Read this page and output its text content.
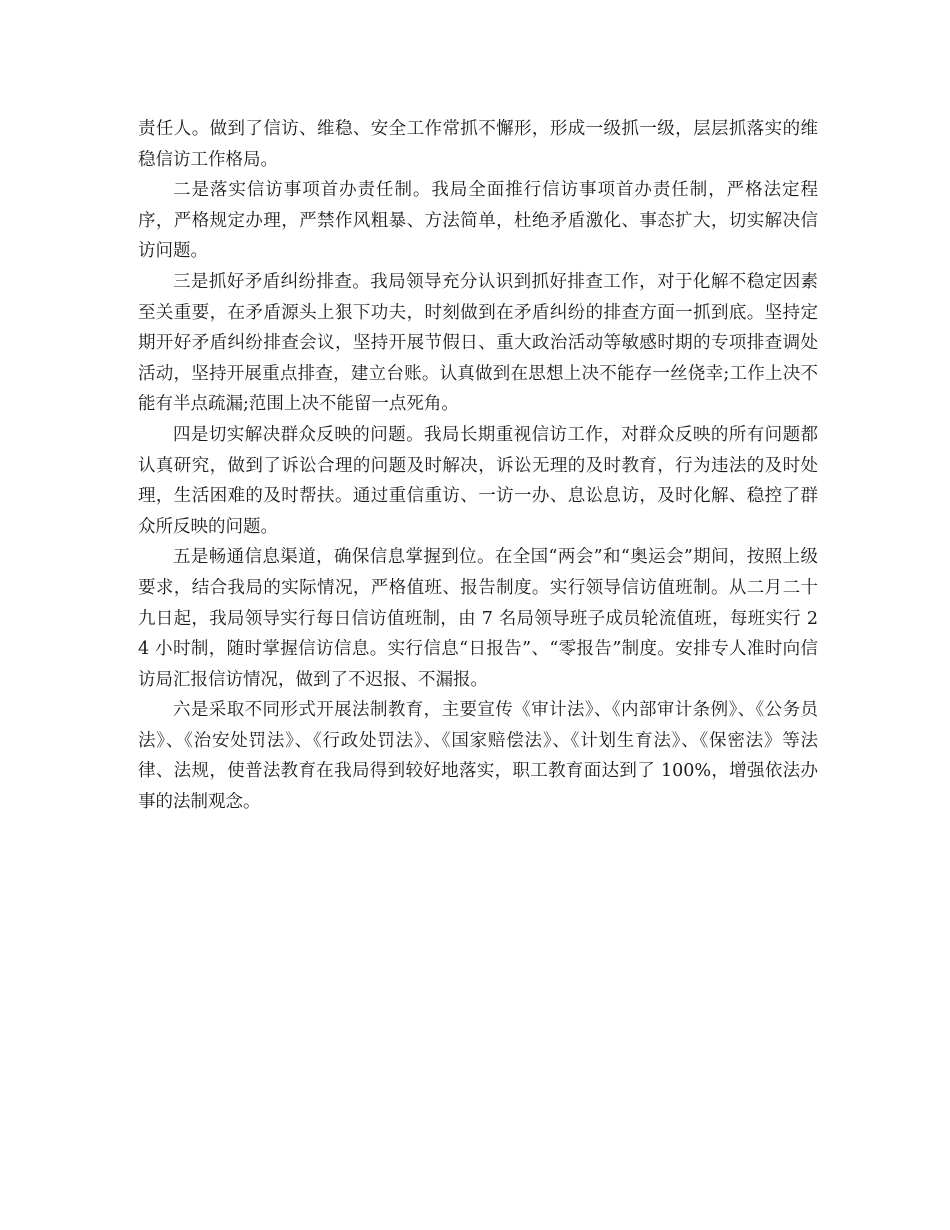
责任人。做到了信访、维稳、安全工作常抓不懈形，形成一级抓一级，层层抓落实的维稳信访工作格局。

二是落实信访事项首办责任制。我局全面推行信访事项首办责任制，严格法定程序，严格规定办理，严禁作风粗暴、方法简单，杜绝矛盾激化、事态扩大，切实解决信访问题。

三是抓好矛盾纠纷排查。我局领导充分认识到抓好排查工作，对于化解不稳定因素至关重要，在矛盾源头上狠下功夫，时刻做到在矛盾纠纷的排查方面一抓到底。坚持定期开好矛盾纠纷排查会议，坚持开展节假日、重大政治活动等敏感时期的专项排查调处活动，坚持开展重点排查，建立台账。认真做到在思想上决不能存一丝侥幸;工作上决不能有半点疏漏;范围上决不能留一点死角。

四是切实解决群众反映的问题。我局长期重视信访工作，对群众反映的所有问题都认真研究，做到了诉讼合理的问题及时解决，诉讼无理的及时教育，行为违法的及时处理，生活困难的及时帮扶。通过重信重访、一访一办、息讼息访，及时化解、稳控了群众所反映的问题。

五是畅通信息渠道，确保信息掌握到位。在全国“两会”和“奥运会”期间，按照上级要求，结合我局的实际情况，严格值班、报告制度。实行领导信访值班制。从二月二十九日起，我局领导实行每日信访值班制，由 7 名局领导班子成员轮流值班，每班实行 24 小时制，随时掌握信访信息。实行信息“日报告”、“零报告”制度。安排专人准时向信访局汇报信访情况，做到了不迟报、不漏报。

六是采取不同形式开展法制教育，主要宣传《审计法》、《内部审计条例》、《公务员法》、《治安处罚法》、《行政处罚法》、《国家赔偿法》、《计划生育法》、《保密法》等法律、法规，使普法教育在我局得到较好地落实，职工教育面达到了 100%，增强依法办事的法制观念。
